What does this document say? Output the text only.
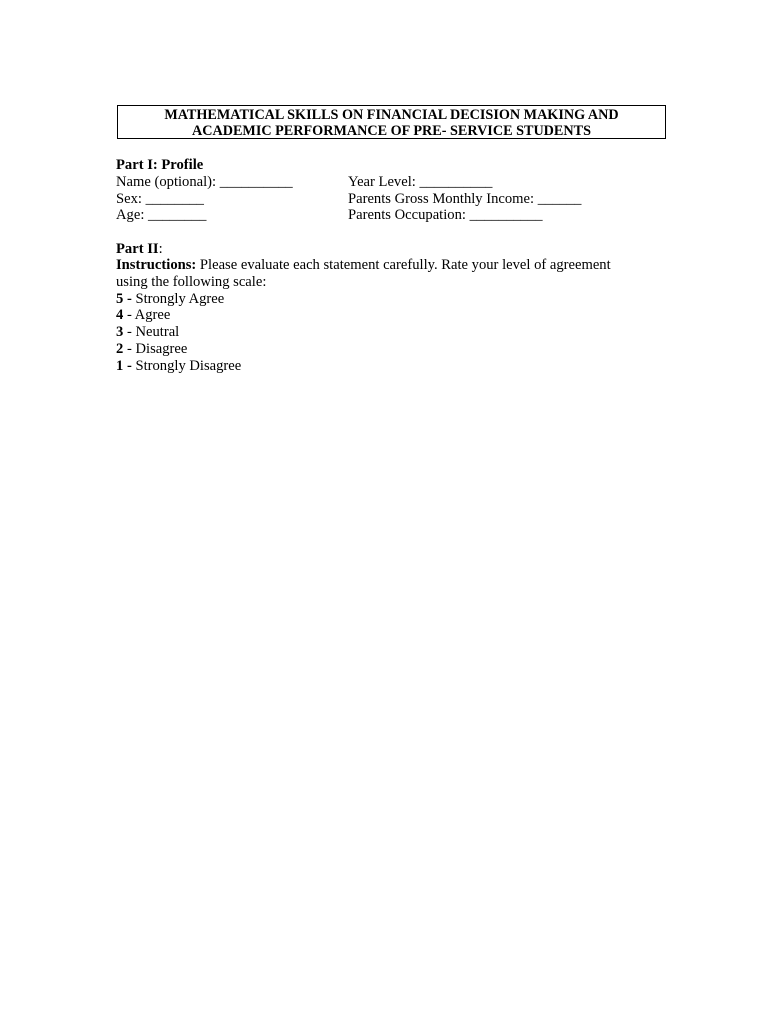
MATHEMATICAL SKILLS ON FINANCIAL DECISION MAKING AND
ACADEMIC PERFORMANCE OF PRE- SERVICE STUDENTS
Part I: Profile
Name (optional): __________
Sex: ________
Age: ________
Year Level: __________
Parents Gross Monthly Income: ______
Parents Occupation: __________
Part II:
Instructions: Please evaluate each statement carefully. Rate your level of agreement
using the following scale:
5 - Strongly Agree
4 - Agree
3 - Neutral
2 - Disagree
1 - Strongly Disagree
